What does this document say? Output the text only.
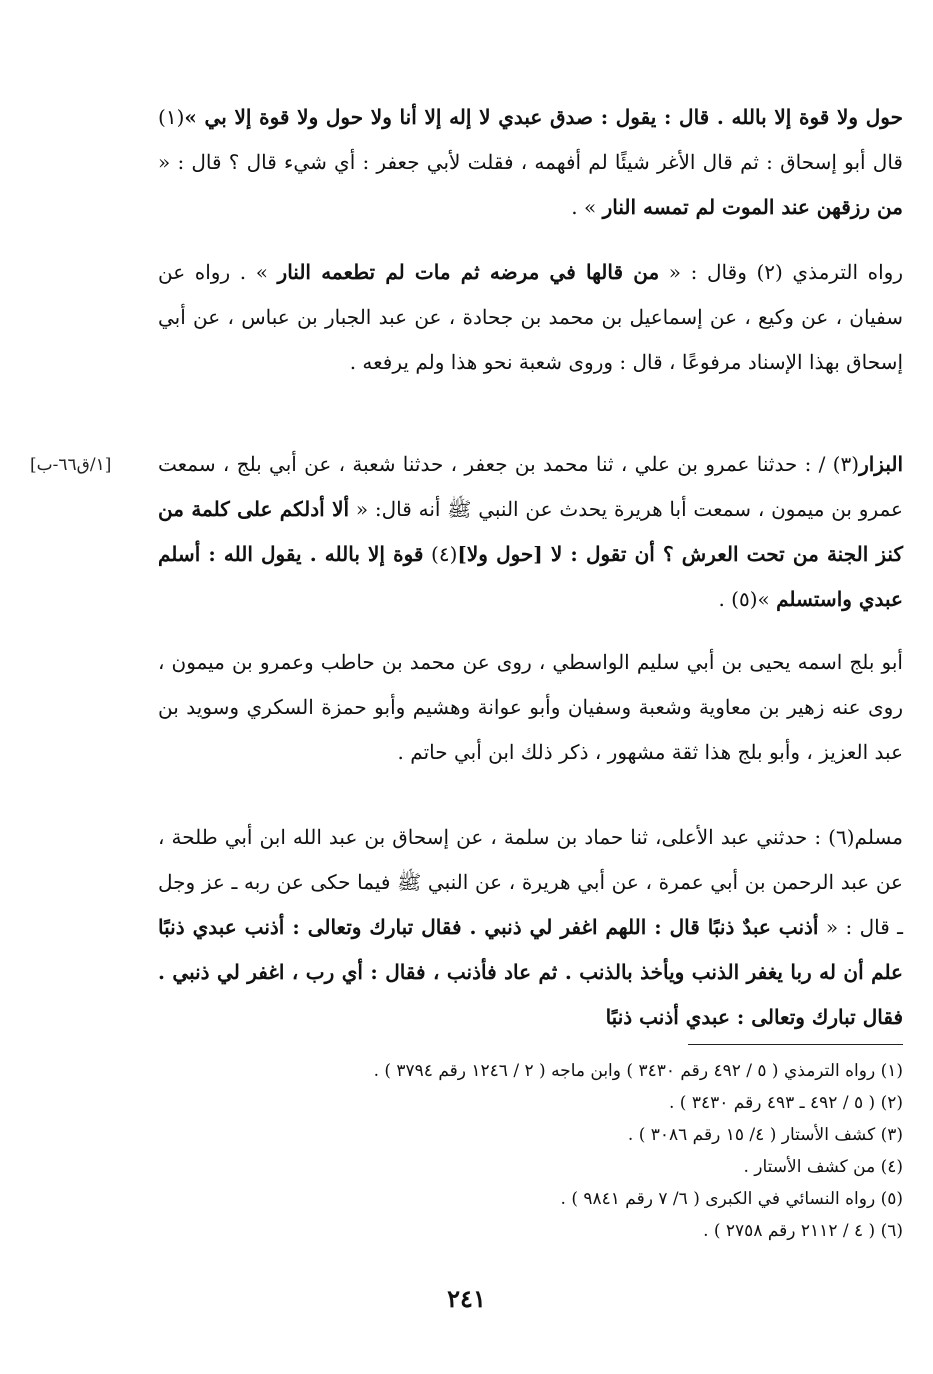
حول ولا قوة إلا بالله . قال : يقول : صدق عبدي لا إله إلا أنا ولا حول ولا قوة إلا بي »(١) قال أبو إسحاق : ثم قال الأغر شيئًا لم أفهمه ، فقلت لأبي جعفر : أي شيء قال ؟ قال : « من رزقهن عند الموت لم تمسه النار » .

رواه الترمذي (٢) وقال : « من قالها في مرضه ثم مات لم تطعمه النار » . رواه عن سفيان ، عن وكيع ، عن إسماعيل بن محمد بن جحادة ، عن عبد الجبار بن عباس ، عن أبي إسحاق بهذا الإسناد مرفوعًا ، قال : وروى شعبة نحو هذا ولم يرفعه .

[١/ق٦٦-ب]	البزار(٣) / : حدثنا عمرو بن علي ، ثنا محمد بن جعفر ، حدثنا شعبة ، عن أبي بلج ، سمعت عمرو بن ميمون ، سمعت أبا هريرة يحدث عن النبي ﷺ أنه قال: « ألا أدلكم على كلمة من كنز الجنة من تحت العرش ؟ أن تقول : لا [حول ولا](٤) قوة إلا بالله . يقول الله : أسلم عبدي واستسلم »(٥) .

أبو بلج اسمه يحيى بن أبي سليم الواسطي ، روى عن محمد بن حاطب وعمرو بن ميمون ، روى عنه زهير بن معاوية وشعبة وسفيان وأبو عوانة وهشيم وأبو حمزة السكري وسويد بن عبد العزيز ، وأبو بلج هذا ثقة مشهور ، ذكر ذلك ابن أبي حاتم .

مسلم(٦) : حدثني عبد الأعلى، ثنا حماد بن سلمة ، عن إسحاق بن عبد الله ابن أبي طلحة ، عن عبد الرحمن بن أبي عمرة ، عن أبي هريرة ، عن النبي ﷺ فيما حكى عن ربه ـ عز وجل ـ قال : « أذنب عبدٌ ذنبًا قال : اللهم اغفر لي ذنبي . فقال تبارك وتعالى : أذنب عبدي ذنبًا علم أن له ربا يغفر الذنب ويأخذ بالذنب . ثم عاد فأذنب ، فقال : أي رب ، اغفر لي ذنبي . فقال تبارك وتعالى : عبدي أذنب ذنبًا

(١) رواه الترمذي ( ٥ / ٤٩٢ رقم ٣٤٣٠ ) وابن ماجه ( ٢ / ١٢٤٦ رقم ٣٧٩٤ ) .
(٢) ( ٥ / ٤٩٢ ـ ٤٩٣ رقم ٣٤٣٠ ) .
(٣) كشف الأستار ( ٤/ ١٥ رقم ٣٠٨٦ ) .
(٤) من كشف الأستار .
(٥) رواه النسائي في الكبرى ( ٦/ ٧ رقم ٩٨٤١ ) .
(٦) ( ٤ / ٢١١٢ رقم ٢٧٥٨ ) .
٢٤١
